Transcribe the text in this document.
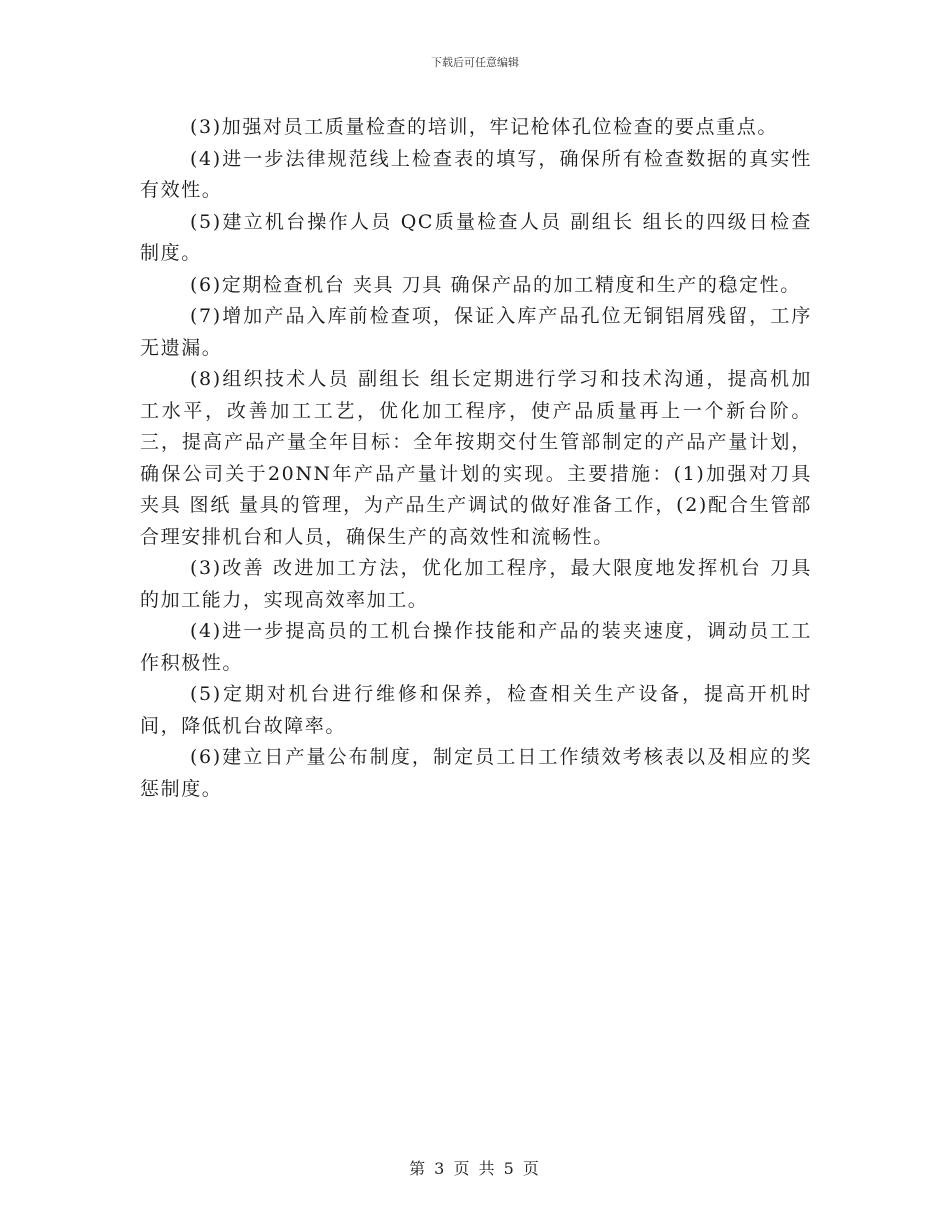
下载后可任意编辑

(3)加强对员工质量检查的培训，牢记枪体孔位检查的要点重点。

(4)进一步法律规范线上检查表的填写，确保所有检查数据的真实性有效性。

(5)建立机台操作人员 QC质量检查人员 副组长 组长的四级日检查制度。

(6)定期检查机台 夹具 刀具 确保产品的加工精度和生产的稳定性。

(7)增加产品入库前检查项，保证入库产品孔位无铜铝屑残留，工序无遗漏。

(8)组织技术人员 副组长 组长定期进行学习和技术沟通，提高机加工水平，改善加工工艺，优化加工程序，使产品质量再上一个新台阶。三，提高产品产量全年目标：全年按期交付生管部制定的产品产量计划，确保公司关于20NN年产品产量计划的实现。主要措施：(1)加强对刀具 夹具 图纸 量具的管理，为产品生产调试的做好准备工作，(2)配合生管部合理安排机台和人员，确保生产的高效性和流畅性。

(3)改善 改进加工方法，优化加工程序，最大限度地发挥机台 刀具的加工能力，实现高效率加工。

(4)进一步提高员的工机台操作技能和产品的装夹速度，调动员工工作积极性。

(5)定期对机台进行维修和保养，检查相关生产设备，提高开机时间，降低机台故障率。

(6)建立日产量公布制度，制定员工日工作绩效考核表以及相应的奖惩制度。

第 3 页 共 5 页
